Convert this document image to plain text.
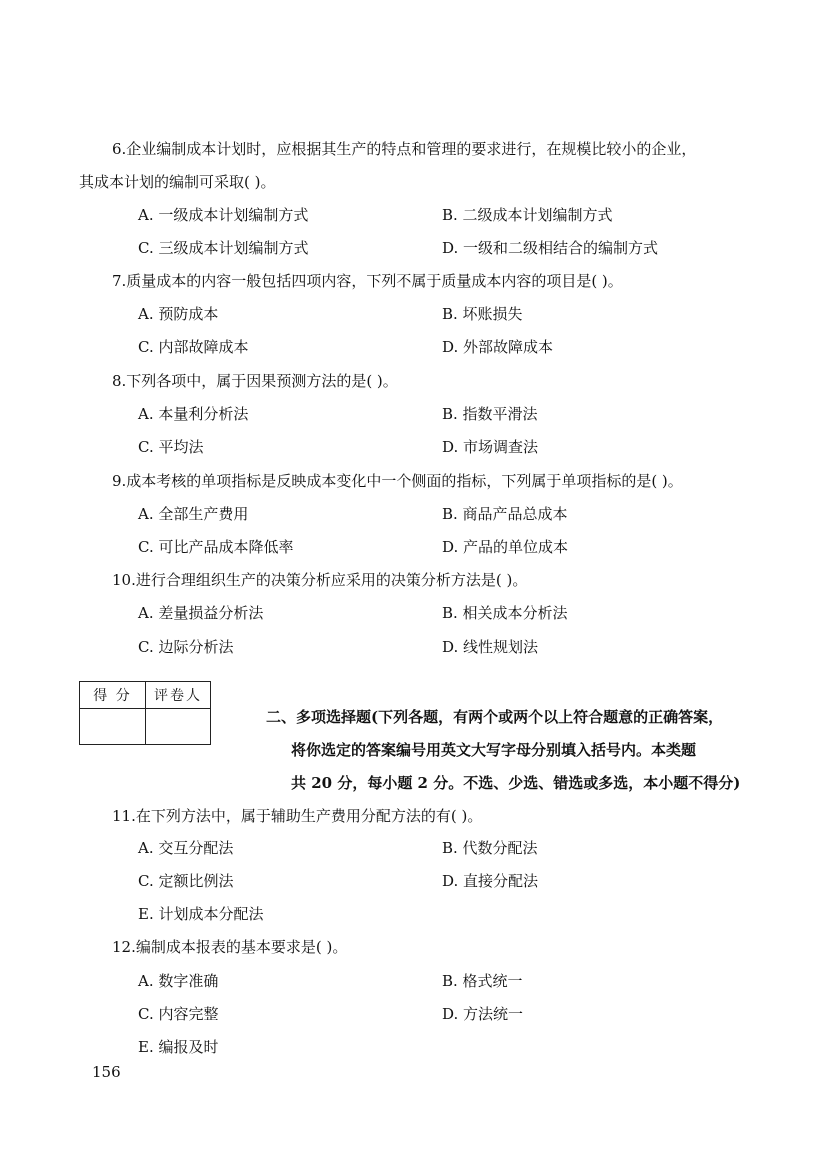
6.企业编制成本计划时，应根据其生产的特点和管理的要求进行，在规模比较小的企业，
其成本计划的编制可采取( )。
A. 一级成本计划编制方式	B. 二级成本计划编制方式
C. 三级成本计划编制方式	D. 一级和二级相结合的编制方式
7.质量成本的内容一般包括四项内容，下列不属于质量成本内容的项目是( )。
A. 预防成本	B. 坏账损失
C. 内部故障成本	D. 外部故障成本
8.下列各项中，属于因果预测方法的是( )。
A. 本量利分析法	B. 指数平滑法
C. 平均法	D. 市场调查法
9.成本考核的单项指标是反映成本变化中一个侧面的指标，下列属于单项指标的是( )。
A. 全部生产费用	B. 商品产品总成本
C. 可比产品成本降低率	D. 产品的单位成本
10.进行合理组织生产的决策分析应采用的决策分析方法是( )。
A. 差量损益分析法	B. 相关成本分析法
C. 边际分析法	D. 线性规划法
得 分	评卷人
二、多项选择题(下列各题，有两个或两个以上符合题意的正确答案，
将你选定的答案编号用英文大写字母分别填入括号内。本类题
共 20 分，每小题 2 分。不选、少选、错选或多选，本小题不得分)
11.在下列方法中，属于辅助生产费用分配方法的有( )。
A. 交互分配法	B. 代数分配法
C. 定额比例法	D. 直接分配法
E. 计划成本分配法
12.编制成本报表的基本要求是( )。
A. 数字准确	B. 格式统一
C. 内容完整	D. 方法统一
E. 编报及时
156
